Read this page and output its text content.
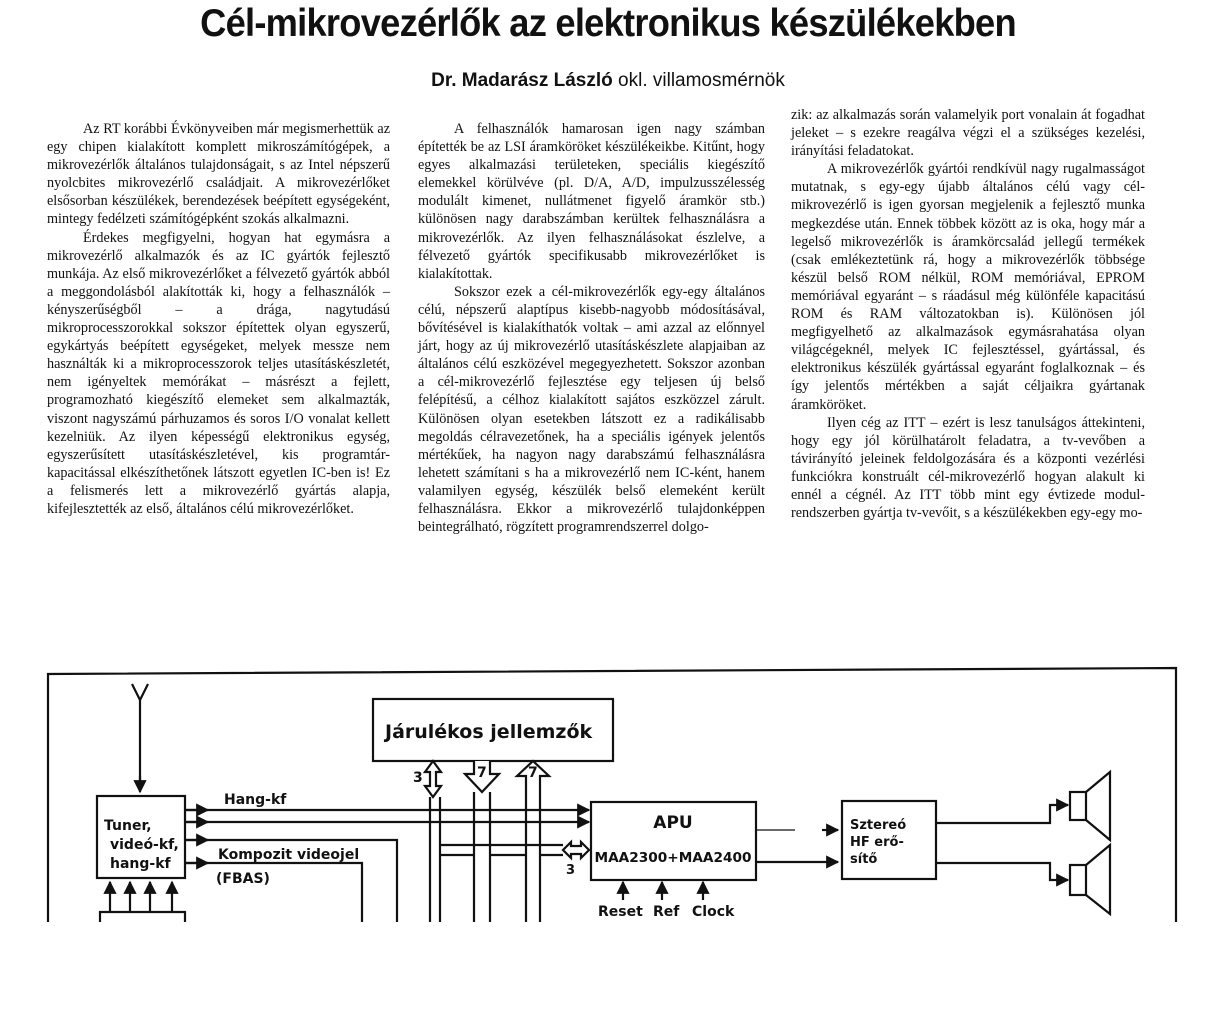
Cél-mikrovezérlők az elektronikus készülékekben
Dr. Madarász László okl. villamosmérnök

Az RT korábbi Évkönyveiben már megismerhettük az egy chipen kialakított komplett mikroszámítógépek, a mikrovezérlők általános tulajdonságait, s az Intel népszerű nyolcbites mikrovezérlő családjait. A mikrovezérlőket elsősorban készülékek, berendezések beépített egységeként, mintegy fedélzeti számítógépként szokás alkalmazni.

Érdekes megfigyelni, hogyan hat egymásra a mikrovezérlő alkalmazók és az IC gyártók fejlesztő munkája. Az első mikrovezérlőket a félvezető gyártók abból a meggondolásból alakították ki, hogy a felhasználók – kényszerűségből – a drága, nagytudású mikroprocesszorokkal sokszor építettek olyan egyszerű, egykártyás beépített egységeket, melyek messze nem használták ki a mikroprocesszorok teljes utasításkészletét, nem igényeltek memórákat – másrészt a fejlett, programozható kiegészítő elemeket sem alkalmazták, viszont nagyszámú párhuzamos és soros I/O vonalat kellett kezelniük. Az ilyen képességű elektronikus egység, egyszerűsített utasításkészletével, kis programtár-kapacitással elkészíthetőnek látszott egyetlen IC-ben is! Ez a felismerés lett a mikrovezérlő gyártás alapja, kifejlesztették az első, általános célú mikrovezérlőket.

A felhasználók hamarosan igen nagy számban építették be az LSI áramköröket készülékeikbe. Kitűnt, hogy egyes alkalmazási területeken, speciális kiegészítő elemekkel körülvéve (pl. D/A, A/D, impulzusszélesség modulált kimenet, nullátmenet figyelő áramkör stb.) különösen nagy darabszámban kerültek felhasználásra a mikrovezérlők. Az ilyen felhasználásokat észlelve, a félvezető gyártók specifikusabb mikrovezérlőket is kialakítottak.

Sokszor ezek a cél-mikrovezérlők egy-egy általános célú, népszerű alaptípus kisebb-nagyobb módosításával, bővítésével is kialakíthatók voltak – ami azzal az előnnyel járt, hogy az új mikrovezérlő utasításkészlete alapjaiban az általános célú eszközével megegyezhetett. Sokszor azonban a cél-mikrovezérlő fejlesztése egy teljesen új belső felépítésű, a célhoz kialakított sajátos eszközzel zárult. Különösen olyan esetekben látszott ez a radikálisabb megoldás célravezetőnek, ha a speciális igények jelentős mértékűek, ha nagyon nagy darabszámú felhasználásra lehetett számítani s ha a mikrovezérlő nem IC-ként, hanem valamilyen egység, készülék belső elemeként került felhasználásra. Ekkor a mikrovezérlő tulajdonképpen beintegrálható, rögzített programrendszerrel dolgo-

zik: az alkalmazás során valamelyik port vonalain át fogadhat jeleket – s ezekre reagálva végzi el a szükséges kezelési, irányítási feladatokat.

A mikrovezérlők gyártói rendkívül nagy rugalmasságot mutatnak, s egy-egy újabb általános célú vagy cél-mikrovezérlő is igen gyorsan megjelenik a fejlesztő munka megkezdése után. Ennek többek között az is oka, hogy már a legelső mikrovezérlők is áramkörcsalád jellegű termékek (csak emlékeztetünk rá, hogy a mikrovezérlők többsége készül belső ROM nélkül, ROM memóriával, EPROM memóriával egyaránt – s ráadásul még különféle kapacitású ROM és RAM változatokban is). Különösen jól megfigyelhető az alkalmazások egymásrahatása olyan világcégeknél, melyek IC fejlesztéssel, gyártással, és elektronikus készülék gyártással egyaránt foglalkoznak – és így jelentős mértékben a saját céljaikra gyártanak áramköröket.

Ilyen cég az ITT – ezért is lesz tanulságos áttekinteni, hogy egy jól körülhatárolt feladatra, a tv-vevőben a távirányító jeleinek feldolgozására és a központi vezérlési funkciókra konstruált cél-mikrovezérlő hogyan alakult ki ennél a cégnél. Az ITT több mint egy évtizede modul-rendszerben gyártja tv-vevőit, s a készülékekben egy-egy mo-

Járulékos jellemzők
Tuner,
videó-kf,
hang-kf
Hang-kf
Kompozit videojel
(FBAS)
3	7	7
3
APU
MAA2300+MAA2400
Reset Ref Clock
Sztereó
HF erő-
sítő
